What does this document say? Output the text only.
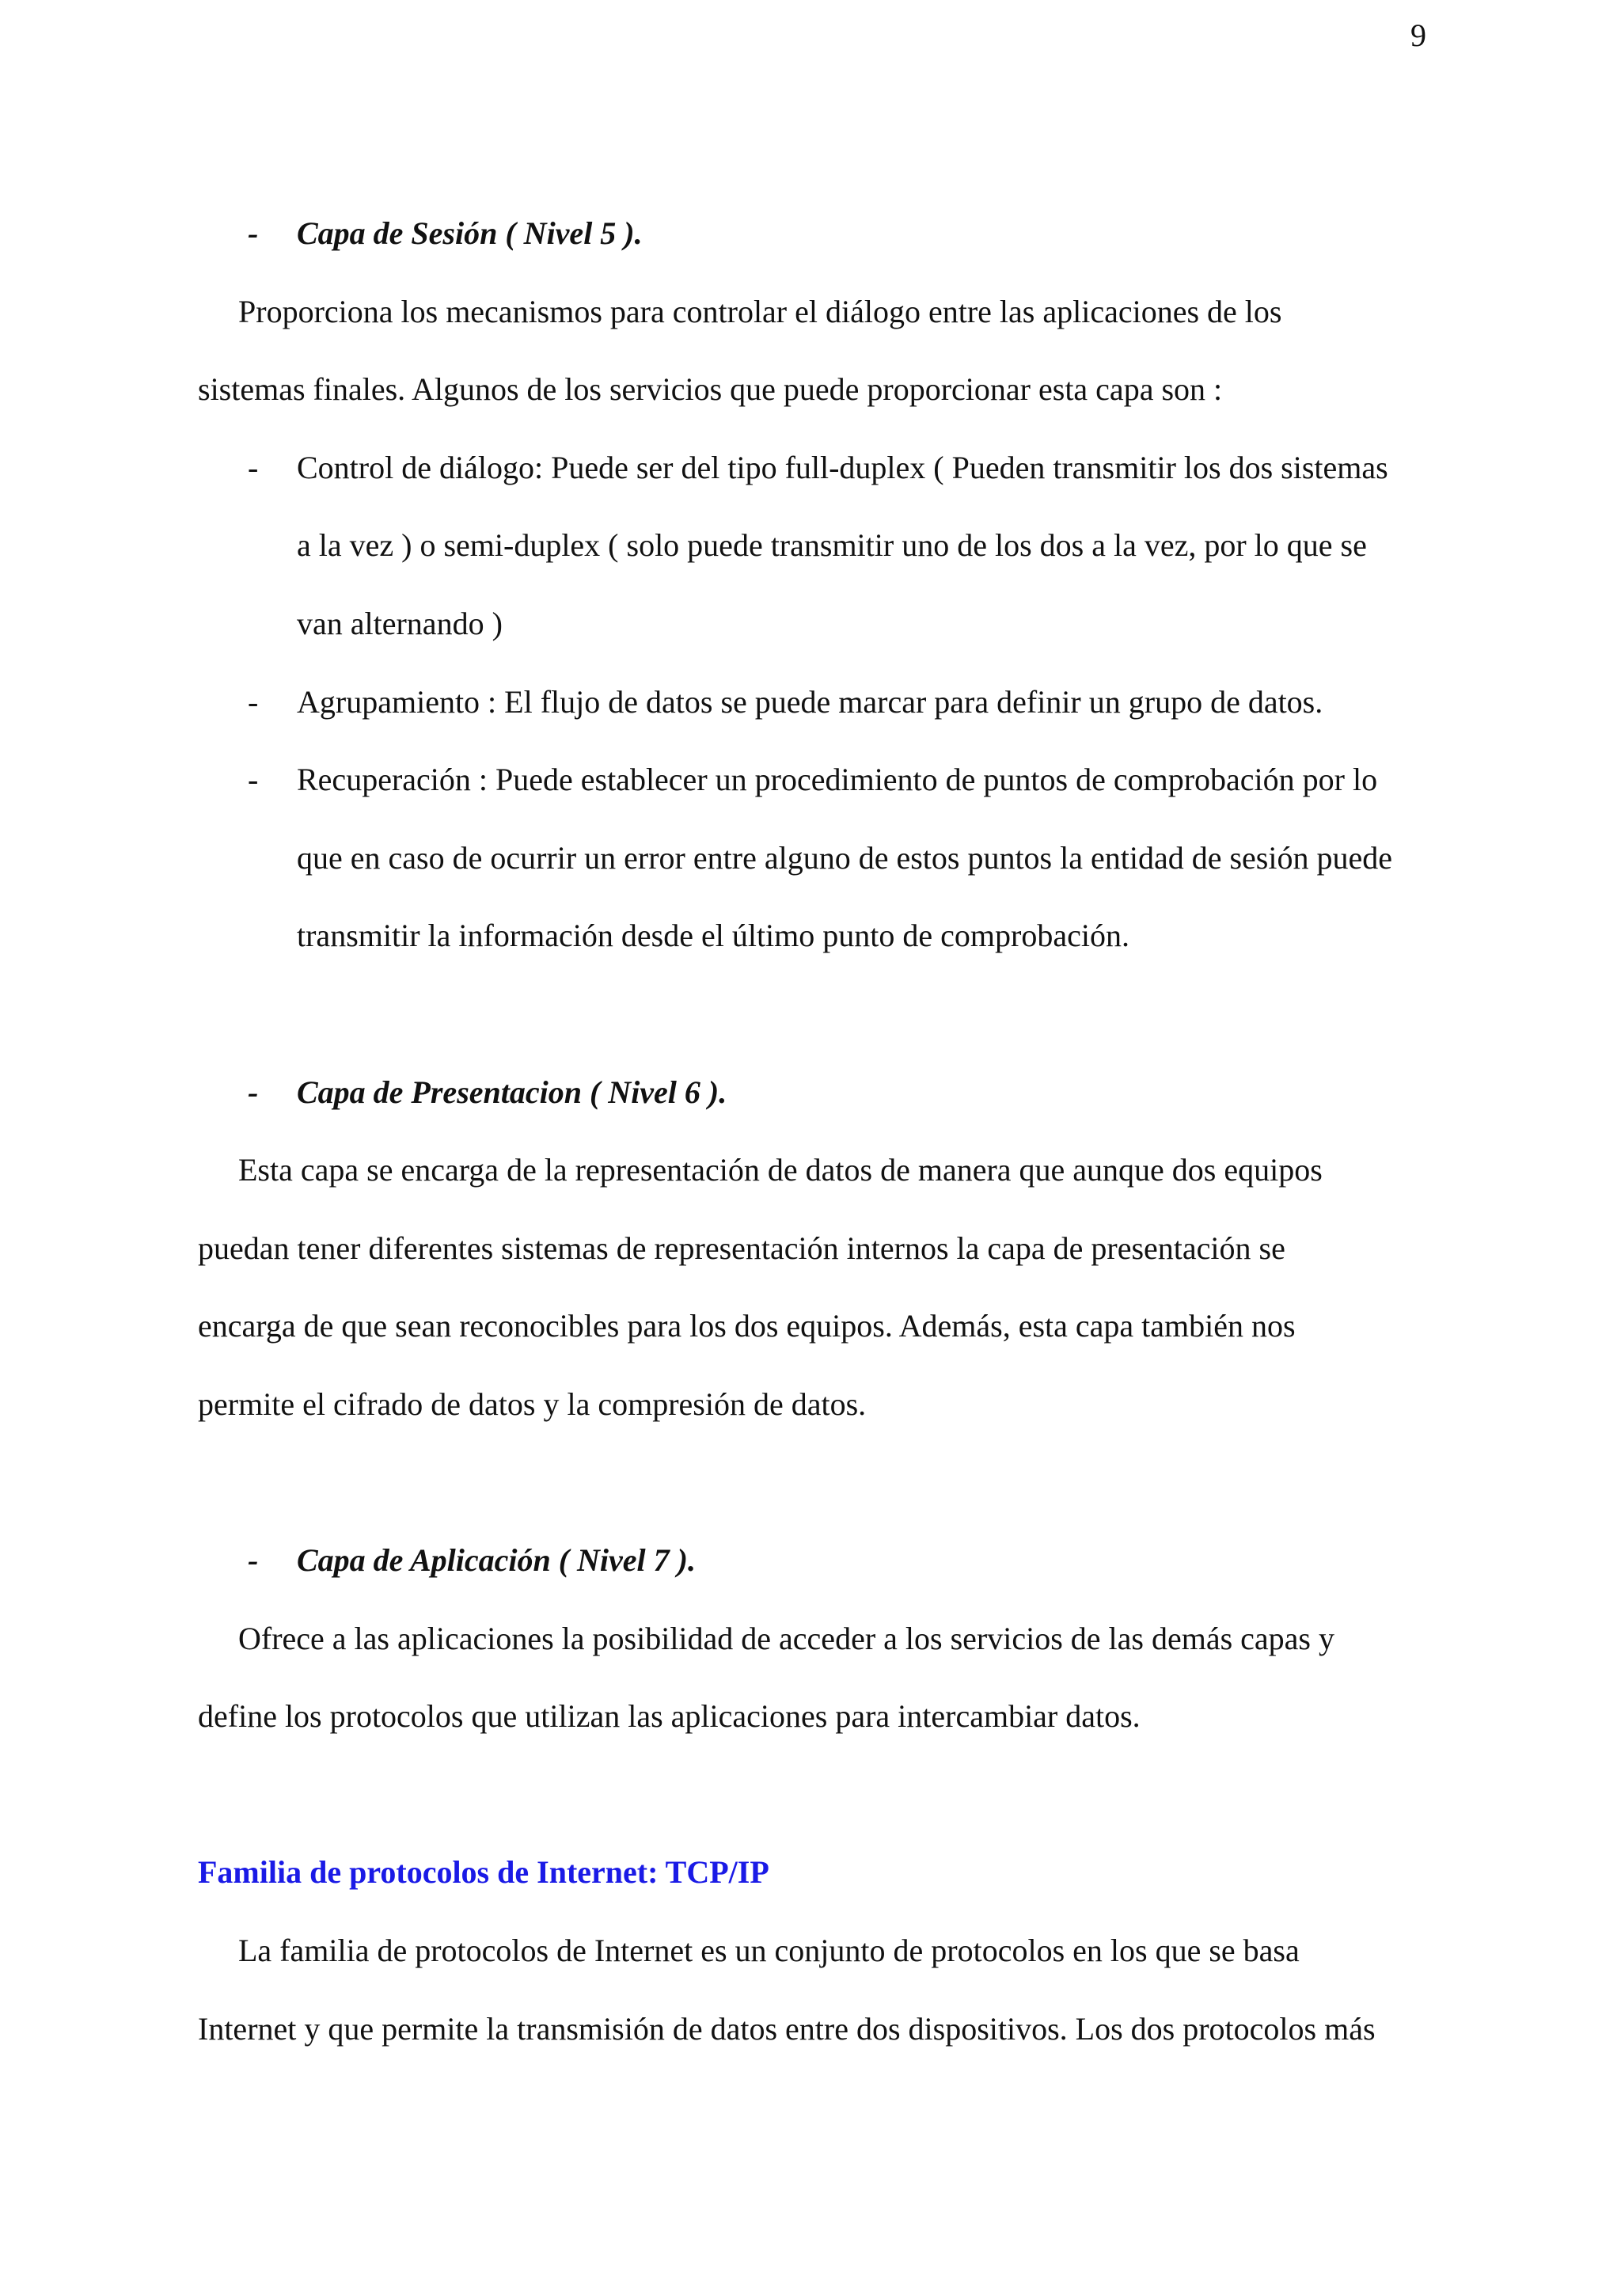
9
- Capa de Sesión ( Nivel 5 ).
Proporciona los mecanismos para controlar el diálogo entre las aplicaciones de los
sistemas finales. Algunos de los servicios que puede proporcionar esta capa son :
- Control de diálogo: Puede ser del tipo full-duplex ( Pueden transmitir los dos sistemas
a la vez ) o semi-duplex ( solo puede transmitir uno de los dos a la vez, por lo que se
van alternando )
- Agrupamiento : El flujo de datos se puede marcar para definir un grupo de datos.
- Recuperación : Puede establecer un procedimiento de puntos de comprobación por lo
que en caso de ocurrir un error entre alguno de estos puntos la entidad de sesión puede
transmitir la información desde el último punto de comprobación.
- Capa de Presentacion ( Nivel 6 ).
Esta capa se encarga de la representación de datos de manera que aunque dos equipos
puedan tener diferentes sistemas de representación internos la capa de presentación se
encarga de que sean reconocibles para los dos equipos. Además, esta capa también nos
permite el cifrado de datos y la compresión de datos.
- Capa de Aplicación ( Nivel 7 ).
Ofrece a las aplicaciones la posibilidad de acceder a los servicios de las demás capas y
define los protocolos que utilizan las aplicaciones para intercambiar datos.
Familia de protocolos de Internet: TCP/IP
La familia de protocolos de Internet es un conjunto de protocolos en los que se basa
Internet y que permite la transmisión de datos entre dos dispositivos. Los dos protocolos más
